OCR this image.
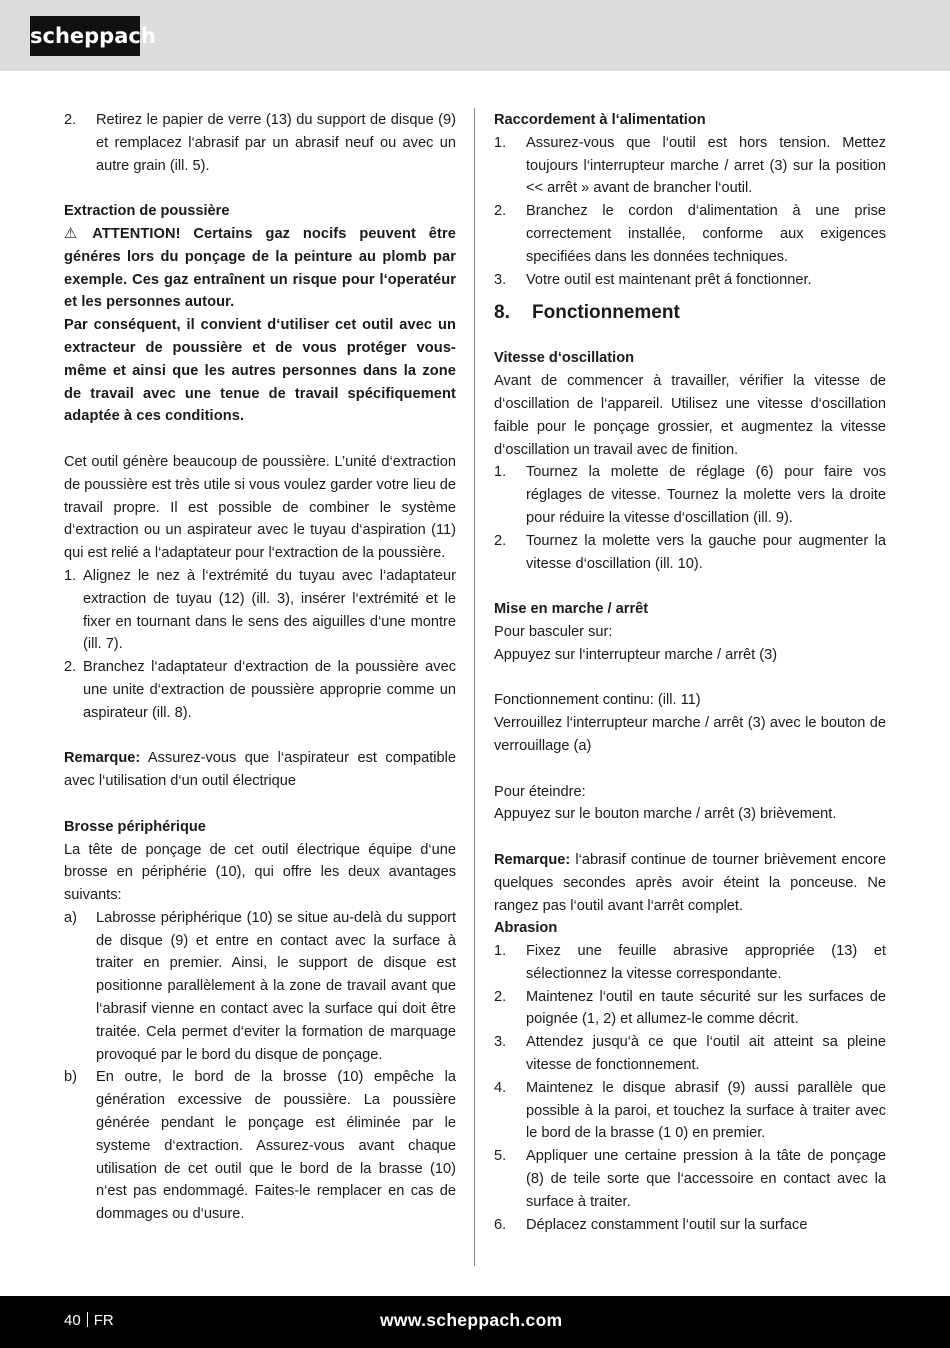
scheppach
2.	Retirez le papier de verre (13) du support de disque (9) et remplacez l‘abrasif par un abrasif neuf ou avec un autre grain (ill. 5).

Extraction de poussière

⚠ ATTENTION! Certains gaz nocifs peuvent être généres lors du ponçage de la peinture au plomb par exemple. Ces gaz entraînent un risque pour l‘operatéur et les personnes autour.

Par conséquent, il convient d‘utiliser cet outil avec un extracteur de poussière et de vous protéger vous-même et ainsi que les autres personnes dans la zone de travail avec une tenue de travail spécifiquement adaptée à ces conditions.

Cet outil génère beaucoup de poussière. L’unité d‘extraction de poussière est très utile si vous voulez garder votre lieu de travail propre. Il est possible de combiner le système d‘extraction ou un aspirateur avec le tuyau d‘aspiration (11) qui est relié a l‘adaptateur pour l‘extraction de la poussière.

1. Alignez le nez à l‘extrémité du tuyau avec l‘adaptateur extraction de tuyau (12) (ill. 3), insérer l‘extrémité et le fixer en tournant dans le sens des aiguilles d‘une montre (ill. 7).
2. Branchez l‘adaptateur d‘extraction de la poussière avec une unite d‘extraction de poussière approprie comme un aspirateur (ill. 8).

Remarque: Assurez-vous que l‘aspirateur est compatible avec l‘utilisation d‘un outil électrique

Brosse périphérique

La tête de ponçage de cet outil électrique équipe d‘une brosse en périphérie (10), qui offre les deux avantages suivants:

a)	Labrosse périphérique (10) se situe au-delà du support de disque (9) et entre en contact avec la surface à traiter en premier. Ainsi, le support de disque est positionne parallèlement à la zone de travail avant que l‘abrasif vienne en contact avec la surface qui doit être traitée. Cela permet d‘eviter la formation de marquage provoqué par le bord du disque de ponçage.
b)	En outre, le bord de la brosse (10) empêche la génération excessive de poussière. La poussière générée pendant le ponçage est éliminée par le systeme d‘extraction. Assurez-vous avant chaque utilisation de cet outil que le bord de la brasse (10) n‘est pas endommagé. Faites-le remplacer en cas de dommages ou d‘usure.

Raccordement à l‘alimentation

1.	Assurez-vous que l‘outil est hors tension. Mettez toujours l‘interrupteur marche / arret (3) sur la position << arrêt » avant de brancher l‘outil.
2.	Branchez le cordon d‘alimentation à une prise correctement installée, conforme aux exigences specifiées dans les données techniques.
3.	Votre outil est maintenant prêt á fonctionner.

8. Fonctionnement

Vitesse d‘oscillation

Avant de commencer à travailler, vérifier la vitesse de d‘oscillation de l‘appareil. Utilisez une vitesse d‘oscillation faible pour le ponçage grossier, et augmentez la vitesse d‘oscillation un travail avec de finition.

1.	Tournez la molette de réglage (6) pour faire vos réglages de vitesse. Tournez la molette vers la droite pour réduire la vitesse d‘oscillation (ill. 9).
2.	Tournez la molette vers la gauche pour augmenter la vitesse d‘oscillation (ill. 10).

Mise en marche / arrêt

Pour basculer sur:

Appuyez sur l‘interrupteur marche / arrêt (3)

Fonctionnement continu: (ill. 11)

Verrouillez l‘interrupteur marche / arrêt (3) avec le bouton de verrouillage (a)

Pour éteindre:

Appuyez sur le bouton marche / arrêt (3) brièvement.

Remarque: l‘abrasif continue de tourner brièvement encore quelques secondes après avoir éteint la ponceuse. Ne rangez pas l‘outil avant l‘arrêt complet.

Abrasion

1.	Fixez une feuille abrasive appropriée (13) et sélectionnez la vitesse correspondante.
2.	Maintenez l‘outil en taute sécurité sur les surfaces de poignée (1, 2) et allumez-le comme décrit.
3.	Attendez jusqu‘à ce que l‘outil ait atteint sa pleine vitesse de fonctionnement.
4.	Maintenez le disque abrasif (9) aussi parallèle que possible à la paroi, et touchez la surface à traiter avec le bord de la brasse (1 0) en premier.
5.	Appliquer une certaine pression à la tâte de ponçage (8) de teile sorte que l‘accessoire en contact avec la surface à traiter.
6.	Déplacez constamment l‘outil sur la surface
40 FR	www.scheppach.com
